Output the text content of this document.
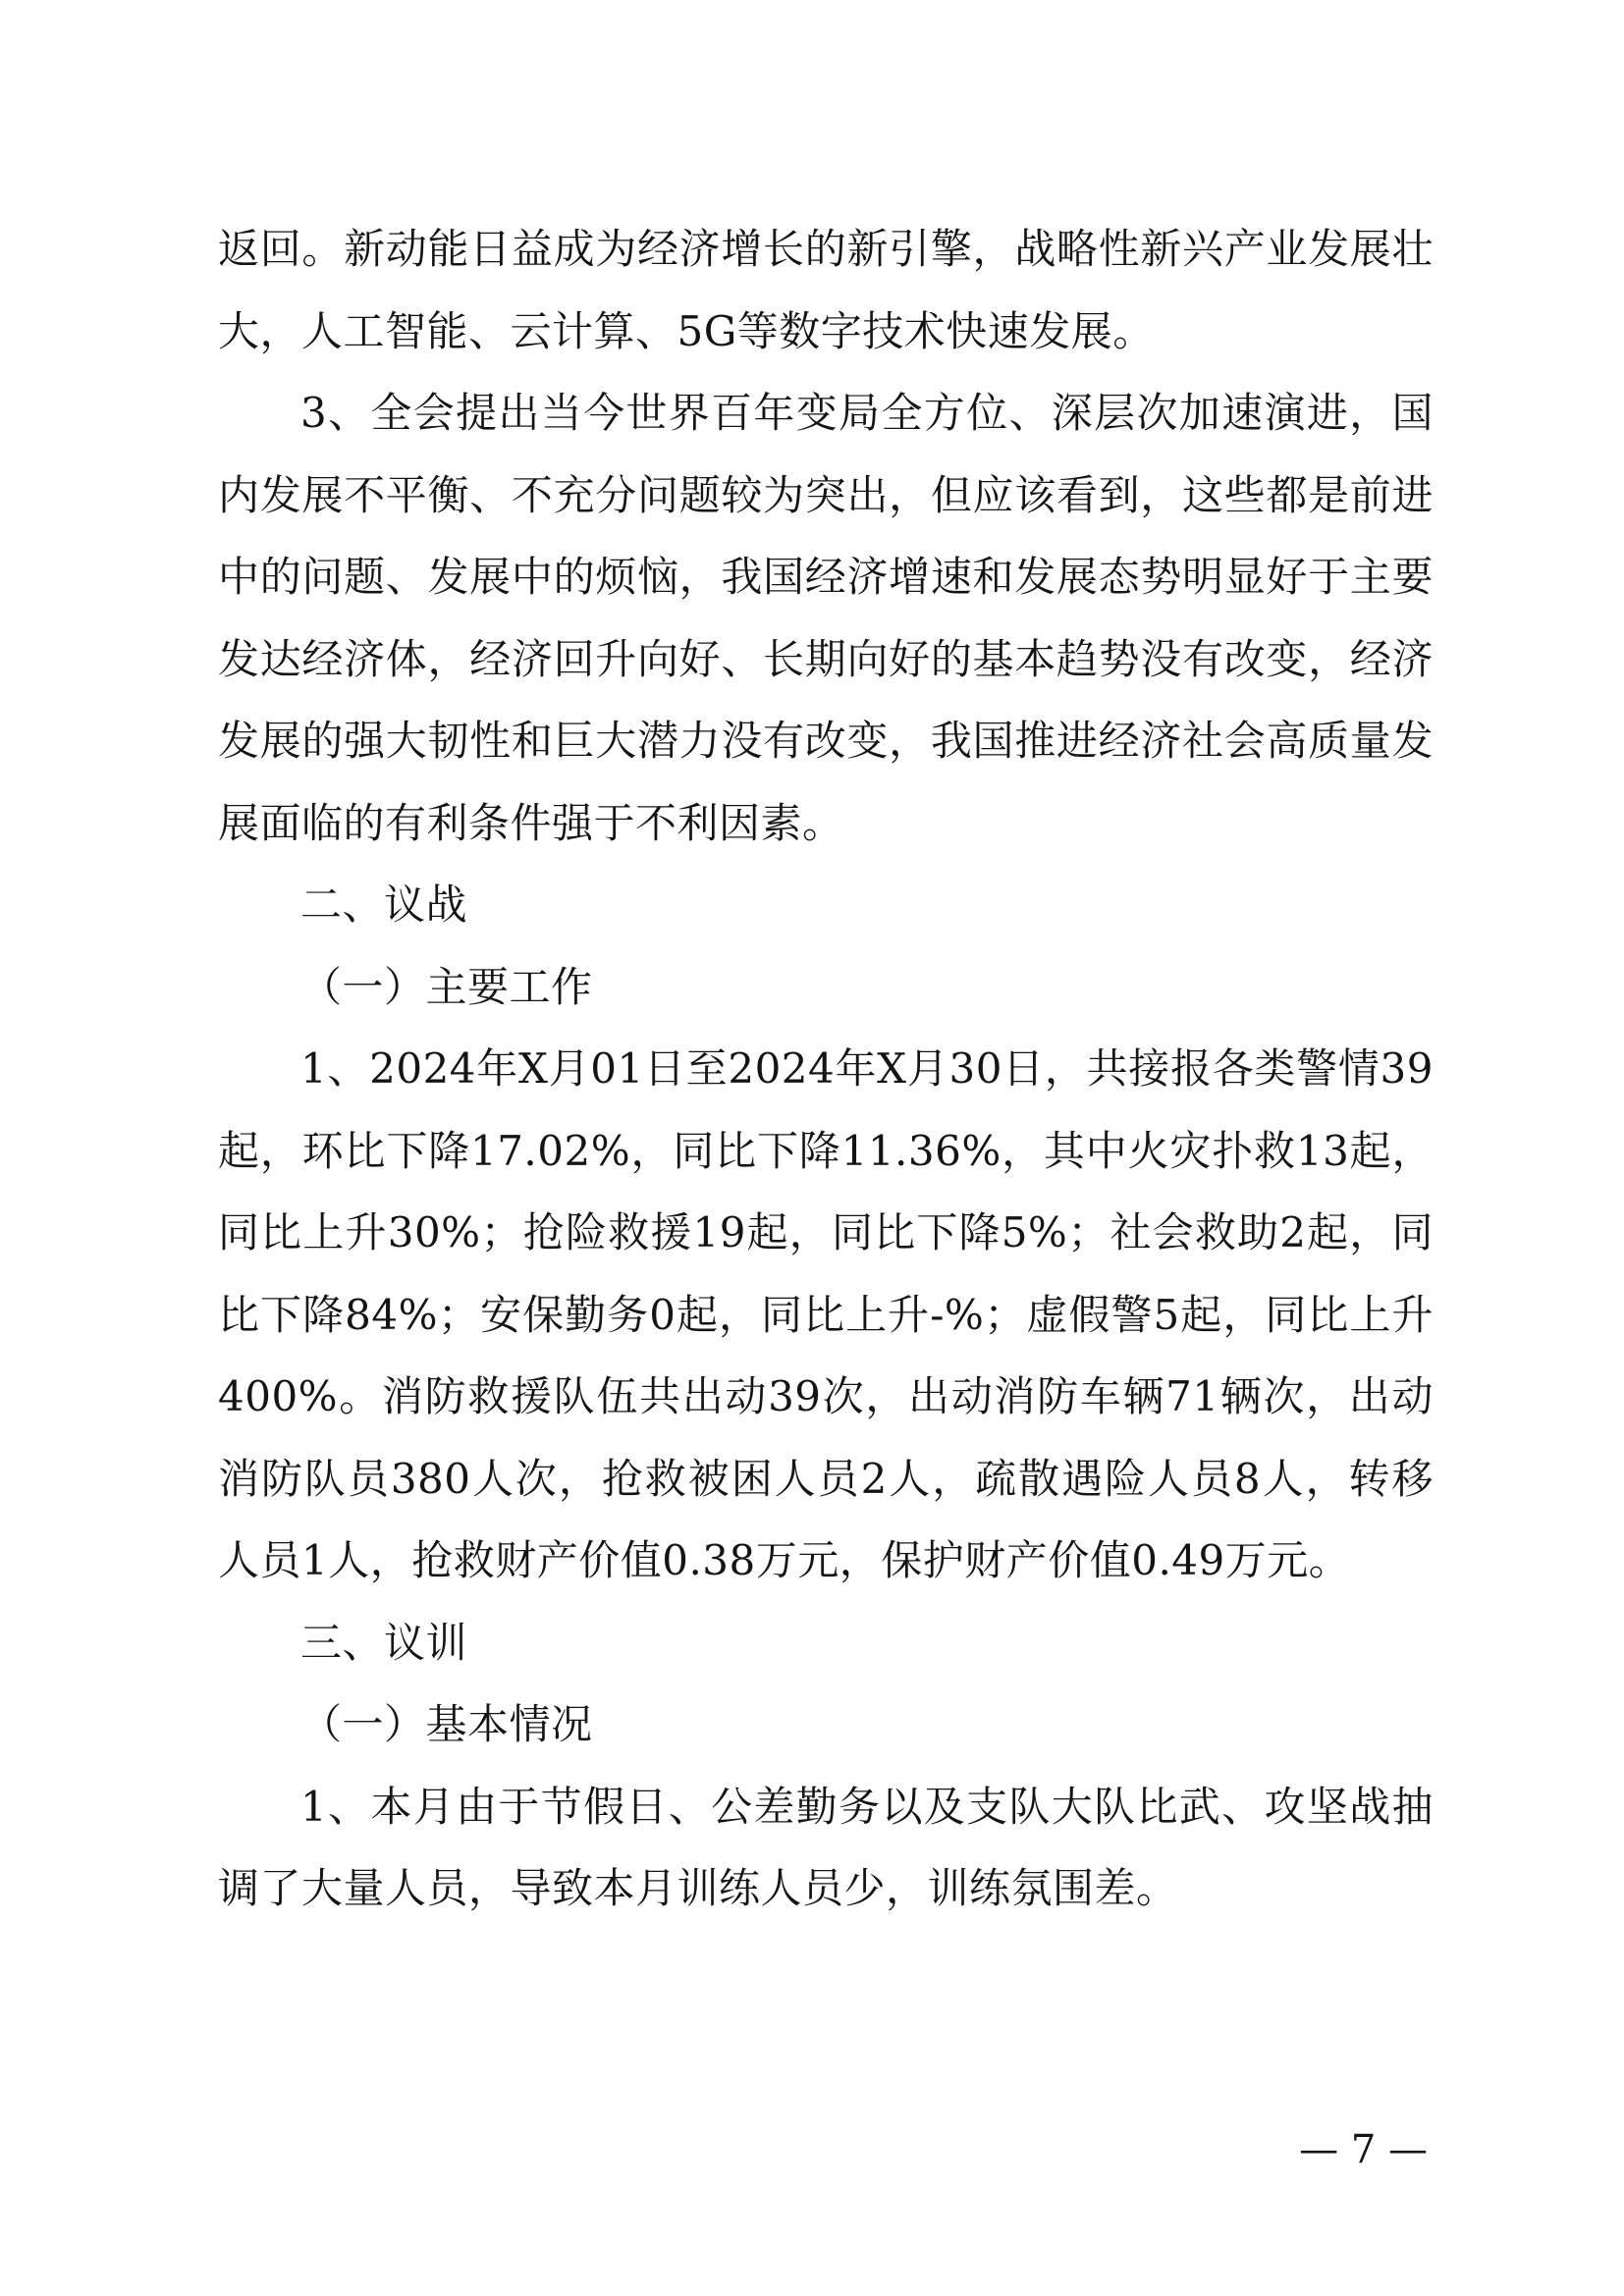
返回。新动能日益成为经济增长的新引擎，战略性新兴产业发展壮大，人工智能、云计算、5G等数字技术快速发展。

3、全会提出当今世界百年变局全方位、深层次加速演进，国内发展不平衡、不充分问题较为突出，但应该看到，这些都是前进中的问题、发展中的烦恼，我国经济增速和发展态势明显好于主要发达经济体，经济回升向好、长期向好的基本趋势没有改变，经济发展的强大韧性和巨大潜力没有改变，我国推进经济社会高质量发展面临的有利条件强于不利因素。

二、议战

（一）主要工作

1、2024年X月01日至2024年X月30日，共接报各类警情39起，环比下降17.02%，同比下降11.36%，其中火灾扑救13起，同比上升30%；抢险救援19起，同比下降5%；社会救助2起，同比下降84%；安保勤务0起，同比上升-%；虚假警5起，同比上升400%。消防救援队伍共出动39次，出动消防车辆71辆次，出动消防队员380人次，抢救被困人员2人，疏散遇险人员8人，转移人员1人，抢救财产价值0.38万元，保护财产价值0.49万元。

三、议训

（一）基本情况

1、本月由于节假日、公差勤务以及支队大队比武、攻坚战抽调了大量人员，导致本月训练人员少，训练氛围差。

— 7 —
